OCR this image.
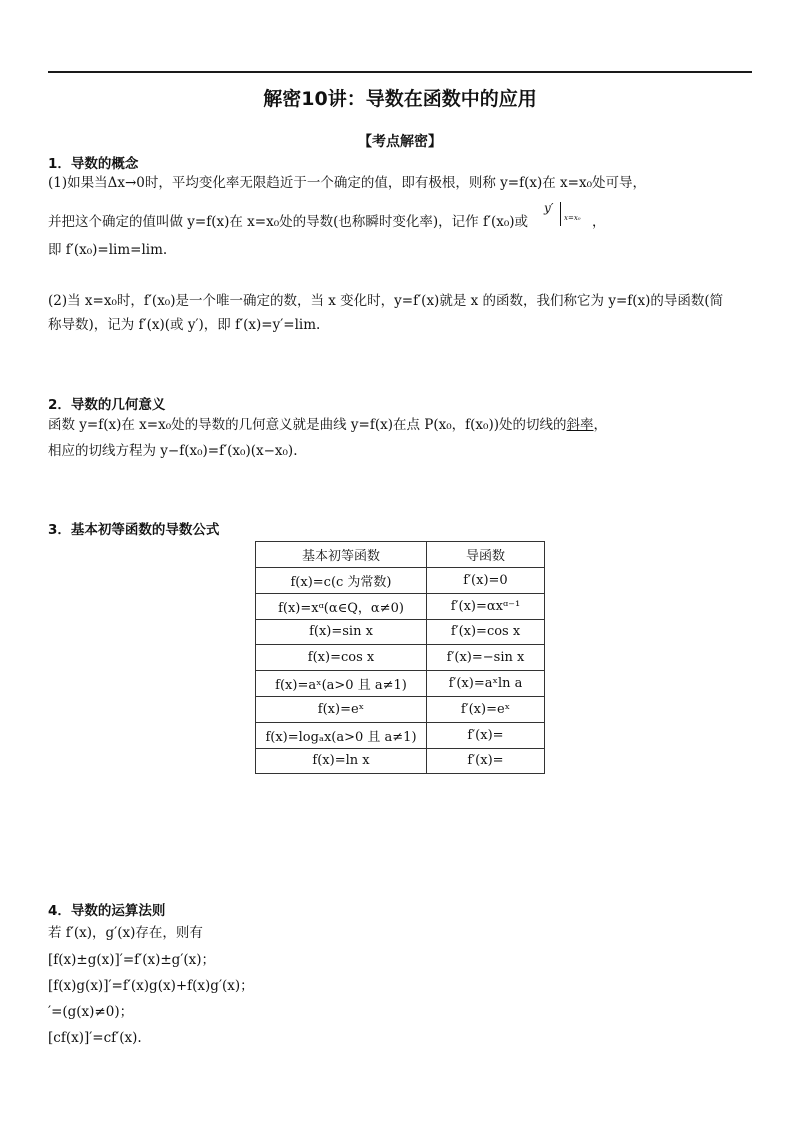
解密10讲：导数在函数中的应用
【考点解密】
1．导数的概念
(1)如果当Δx→0时，平均变化率无限趋近于一个确定的值，即有极根，则称 y=f(x)在 x=x₀处可导，
并把这个确定的值叫做 y=f(x)在 x=x₀处的导数(也称瞬时变化率)，记作 f′(x₀)或
y′
x=x₀ ，
即 f′(x₀)=lim=lim.
(2)当 x=x₀时，f′(x₀)是一个唯一确定的数，当 x 变化时，y=f′(x)就是 x 的函数，我们称它为 y=f(x)的导函数(简
称导数)，记为 f′(x)(或 y′)，即 f′(x)=y′=lim.
2．导数的几何意义
函数 y=f(x)在 x=x₀处的导数的几何意义就是曲线 y=f(x)在点 P(x₀，f(x₀))处的切线的斜率，
相应的切线方程为 y−f(x₀)=f′(x₀)(x−x₀).
3．基本初等函数的导数公式
基本初等函数	导函数
f(x)=c(c 为常数)	f′(x)=0
f(x)=xᵅ(α∈Q，α≠0)	f′(x)=αxᵅ⁻¹
f(x)=sin x	f′(x)=cos x
f(x)=cos x	f′(x)=−sin x
f(x)=aˣ(a>0 且 a≠1)	f′(x)=aˣln a
f(x)=eˣ	f′(x)=eˣ
f(x)=logₐx(a>0 且 a≠1)	f′(x)=
f(x)=ln x	f′(x)=
4．导数的运算法则
若 f′(x)，g′(x)存在，则有
[f(x)±g(x)]′=f′(x)±g′(x)；
[f(x)g(x)]′=f′(x)g(x)+f(x)g′(x)；
′=(g(x)≠0)；
[cf(x)]′=cf′(x).
